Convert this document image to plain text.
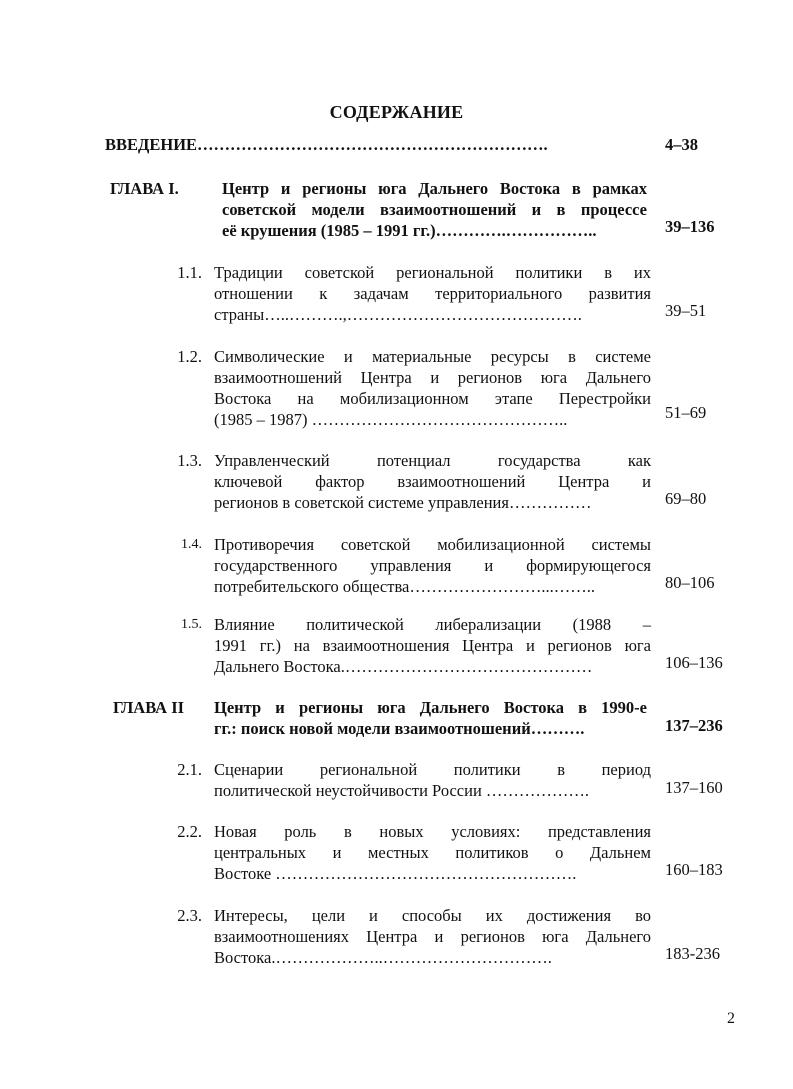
СОДЕРЖАНИЕ
ВВЕДЕНИЕ……………………………………………………….	4–38
ГЛАВА I.	Центр и регионы юга Дальнего Востока в рамках
советской модели взаимоотношений и в процессе
её крушения (1985 – 1991 гг.)………….……………..	39–136
1.1. Традиции советской региональной политики в их
отношении к задачам территориального развития
страны…..……….,…………………………………….	39–51
1.2. Символические и материальные ресурсы в системе
взаимоотношений Центра и регионов юга Дальнего
Востока на мобилизационном этапе Перестройки
(1985 – 1987) ………………………………………..	51–69
1.3. Управленческий потенциал государства как
ключевой фактор взаимоотношений Центра и
регионов в советской системе управления……………	69–80
1.4. Противоречия советской мобилизационной системы
государственного управления и формирующегося
потребительского общества……………………...……..	80–106
1.5. Влияние политической либерализации (1988 –
1991 гг.) на взаимоотношения Центра и регионов юга
Дальнего Востока.………………………………………	106–136
ГЛАВА II	Центр и регионы юга Дальнего Востока в 1990-е
гг.: поиск новой модели взаимоотношений……….	137–236
2.1. Сценарии региональной политики в период
политической неустойчивости России ……………….	137–160
2.2. Новая роль в новых условиях: представления
центральных и местных политиков о Дальнем
Востоке ……………………………………………….	160–183
2.3. Интересы, цели и способы их достижения во
взаимоотношениях Центра и регионов юга Дальнего
Востока.………………..………………………….	183-236
2
